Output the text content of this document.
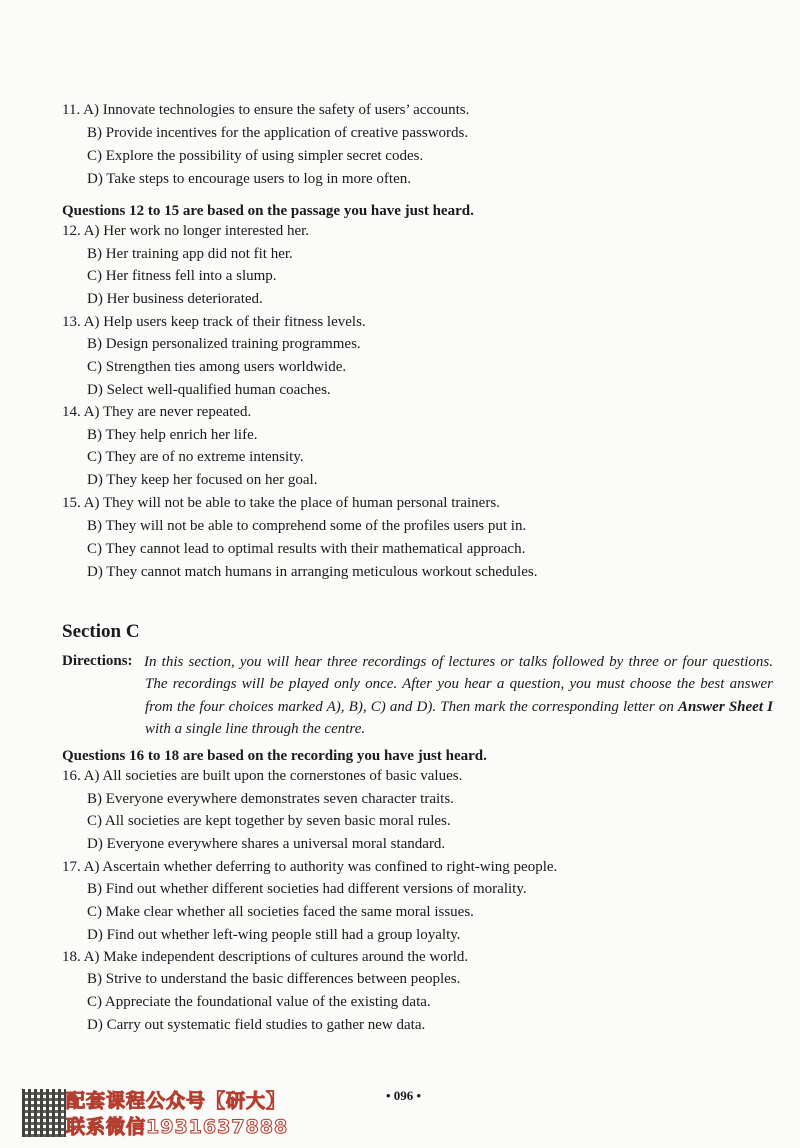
11. A) Innovate technologies to ensure the safety of users’ accounts.
B) Provide incentives for the application of creative passwords.
C) Explore the possibility of using simpler secret codes.
D) Take steps to encourage users to log in more often.
Questions 12 to 15 are based on the passage you have just heard.
12. A) Her work no longer interested her.
B) Her training app did not fit her.
C) Her fitness fell into a slump.
D) Her business deteriorated.
13. A) Help users keep track of their fitness levels.
B) Design personalized training programmes.
C) Strengthen ties among users worldwide.
D) Select well-qualified human coaches.
14. A) They are never repeated.
B) They help enrich her life.
C) They are of no extreme intensity.
D) They keep her focused on her goal.
15. A) They will not be able to take the place of human personal trainers.
B) They will not be able to comprehend some of the profiles users put in.
C) They cannot lead to optimal results with their mathematical approach.
D) They cannot match humans in arranging meticulous workout schedules.
Section C
Directions: In this section, you will hear three recordings of lectures or talks followed by three or four questions. The recordings will be played only once. After you hear a question, you must choose the best answer from the four choices marked A), B), C) and D). Then mark the corresponding letter on Answer Sheet I with a single line through the centre.
Questions 16 to 18 are based on the recording you have just heard.
16. A) All societies are built upon the cornerstones of basic values.
B) Everyone everywhere demonstrates seven character traits.
C) All societies are kept together by seven basic moral rules.
D) Everyone everywhere shares a universal moral standard.
17. A) Ascertain whether deferring to authority was confined to right-wing people.
B) Find out whether different societies had different versions of morality.
C) Make clear whether all societies faced the same moral issues.
D) Find out whether left-wing people still had a group loyalty.
18. A) Make independent descriptions of cultures around the world.
B) Strive to understand the basic differences between peoples.
C) Appreciate the foundational value of the existing data.
D) Carry out systematic field studies to gather new data.
• 096 •
配套课程公众号【研大】
联系微信1931637888
